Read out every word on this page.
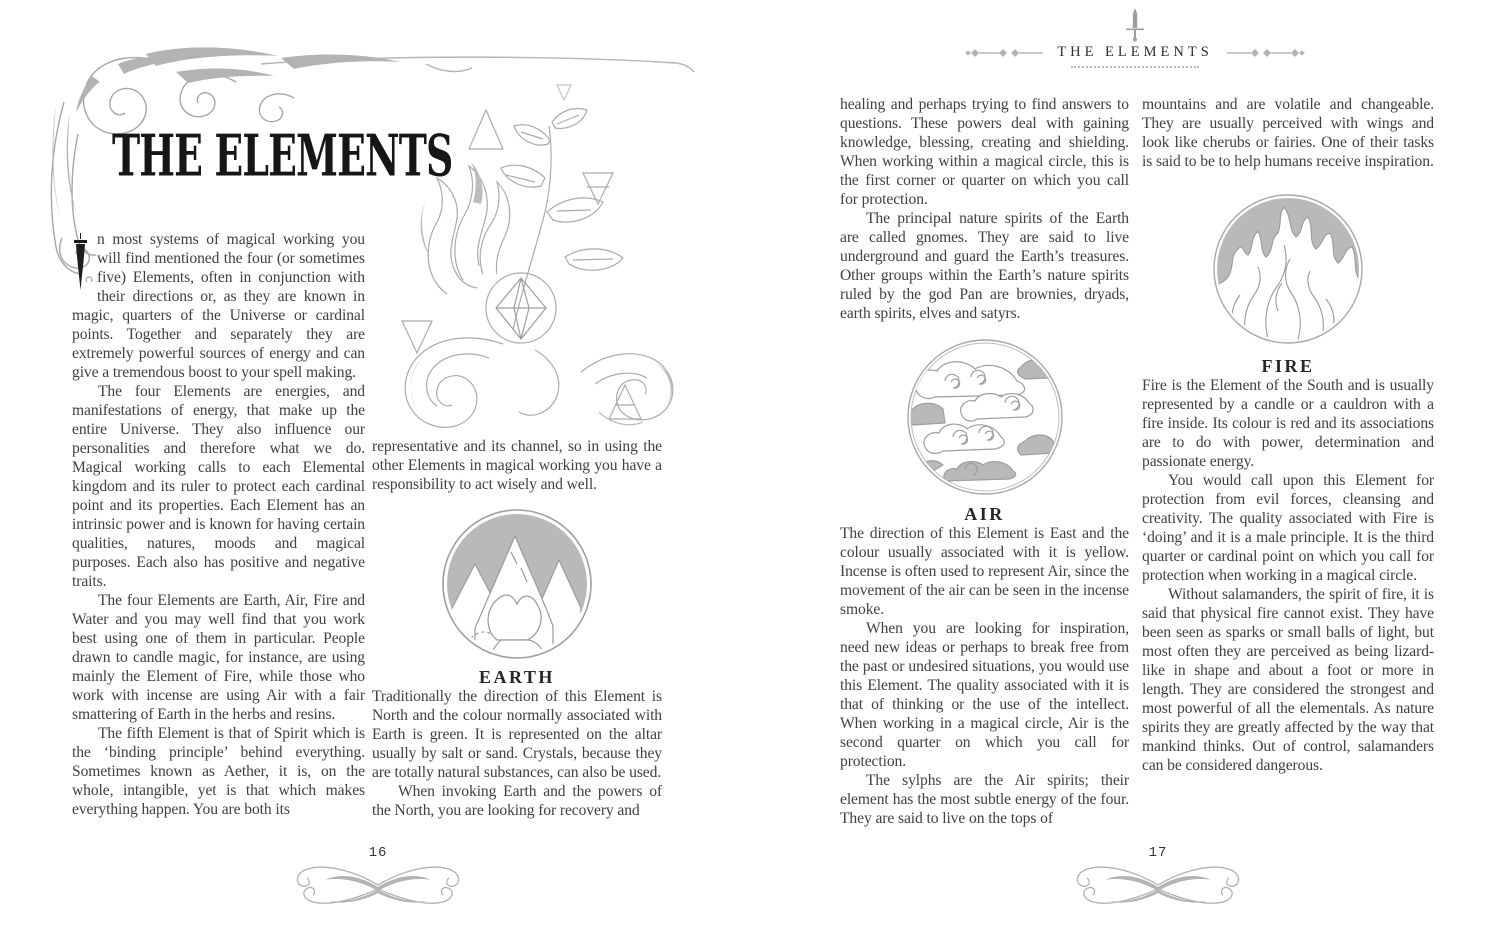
THE ELEMENTS

n most systems of magical working you will find mentioned the four (or sometimes five) Elements, often in conjunction with their directions or, as they are known in magic, quarters of the Universe or cardinal points. Together and separately they are extremely powerful sources of energy and can give a tremendous boost to your spell making.

The four Elements are energies, and manifestations of energy, that make up the entire Universe. They also influence our personalities and therefore what we do. Magical working calls to each Elemental kingdom and its ruler to protect each cardinal point and its properties. Each Element has an intrinsic power and is known for having certain qualities, natures, moods and magical purposes. Each also has positive and negative traits.

The four Elements are Earth, Air, Fire and Water and you may well find that you work best using one of them in particular. People drawn to candle magic, for instance, are using mainly the Element of Fire, while those who work with incense are using Air with a fair smattering of Earth in the herbs and resins.

The fifth Element is that of Spirit which is the ‘binding principle’ behind everything. Sometimes known as Aether, it is, on the whole, intangible, yet is that which makes everything happen. You are both its

representative and its channel, so in using the other Elements in magical working you have a responsibility to act wisely and well.

EARTH

Traditionally the direction of this Element is North and the colour normally associated with Earth is green. It is represented on the altar usually by salt or sand. Crystals, because they are totally natural substances, can also be used.

When invoking Earth and the powers of the North, you are looking for recovery and

16
THE ELEMENTS

healing and perhaps trying to find answers to questions. These powers deal with gaining knowledge, blessing, creating and shielding. When working within a magical circle, this is the first corner or quarter on which you call for protection.

The principal nature spirits of the Earth are called gnomes. They are said to live underground and guard the Earth’s treasures. Other groups within the Earth’s nature spirits ruled by the god Pan are brownies, dryads, earth spirits, elves and satyrs.

AIR

The direction of this Element is East and the colour usually associated with it is yellow. Incense is often used to represent Air, since the movement of the air can be seen in the incense smoke.

When you are looking for inspiration, need new ideas or perhaps to break free from the past or undesired situations, you would use this Element. The quality associated with it is that of thinking or the use of the intellect. When working in a magical circle, Air is the second quarter on which you call for protection.

The sylphs are the Air spirits; their element has the most subtle energy of the four. They are said to live on the tops of

mountains and are volatile and changeable. They are usually perceived with wings and look like cherubs or fairies. One of their tasks is said to be to help humans receive inspiration.

FIRE

Fire is the Element of the South and is usually represented by a candle or a cauldron with a fire inside. Its colour is red and its associations are to do with power, determination and passionate energy.

You would call upon this Element for protection from evil forces, cleansing and creativity. The quality associated with Fire is ‘doing’ and it is a male principle. It is the third quarter or cardinal point on which you call for protection when working in a magical circle.

Without salamanders, the spirit of fire, it is said that physical fire cannot exist. They have been seen as sparks or small balls of light, but most often they are perceived as being lizard-like in shape and about a foot or more in length. They are considered the strongest and most powerful of all the elementals. As nature spirits they are greatly affected by the way that mankind thinks. Out of control, salamanders can be considered dangerous.

17
